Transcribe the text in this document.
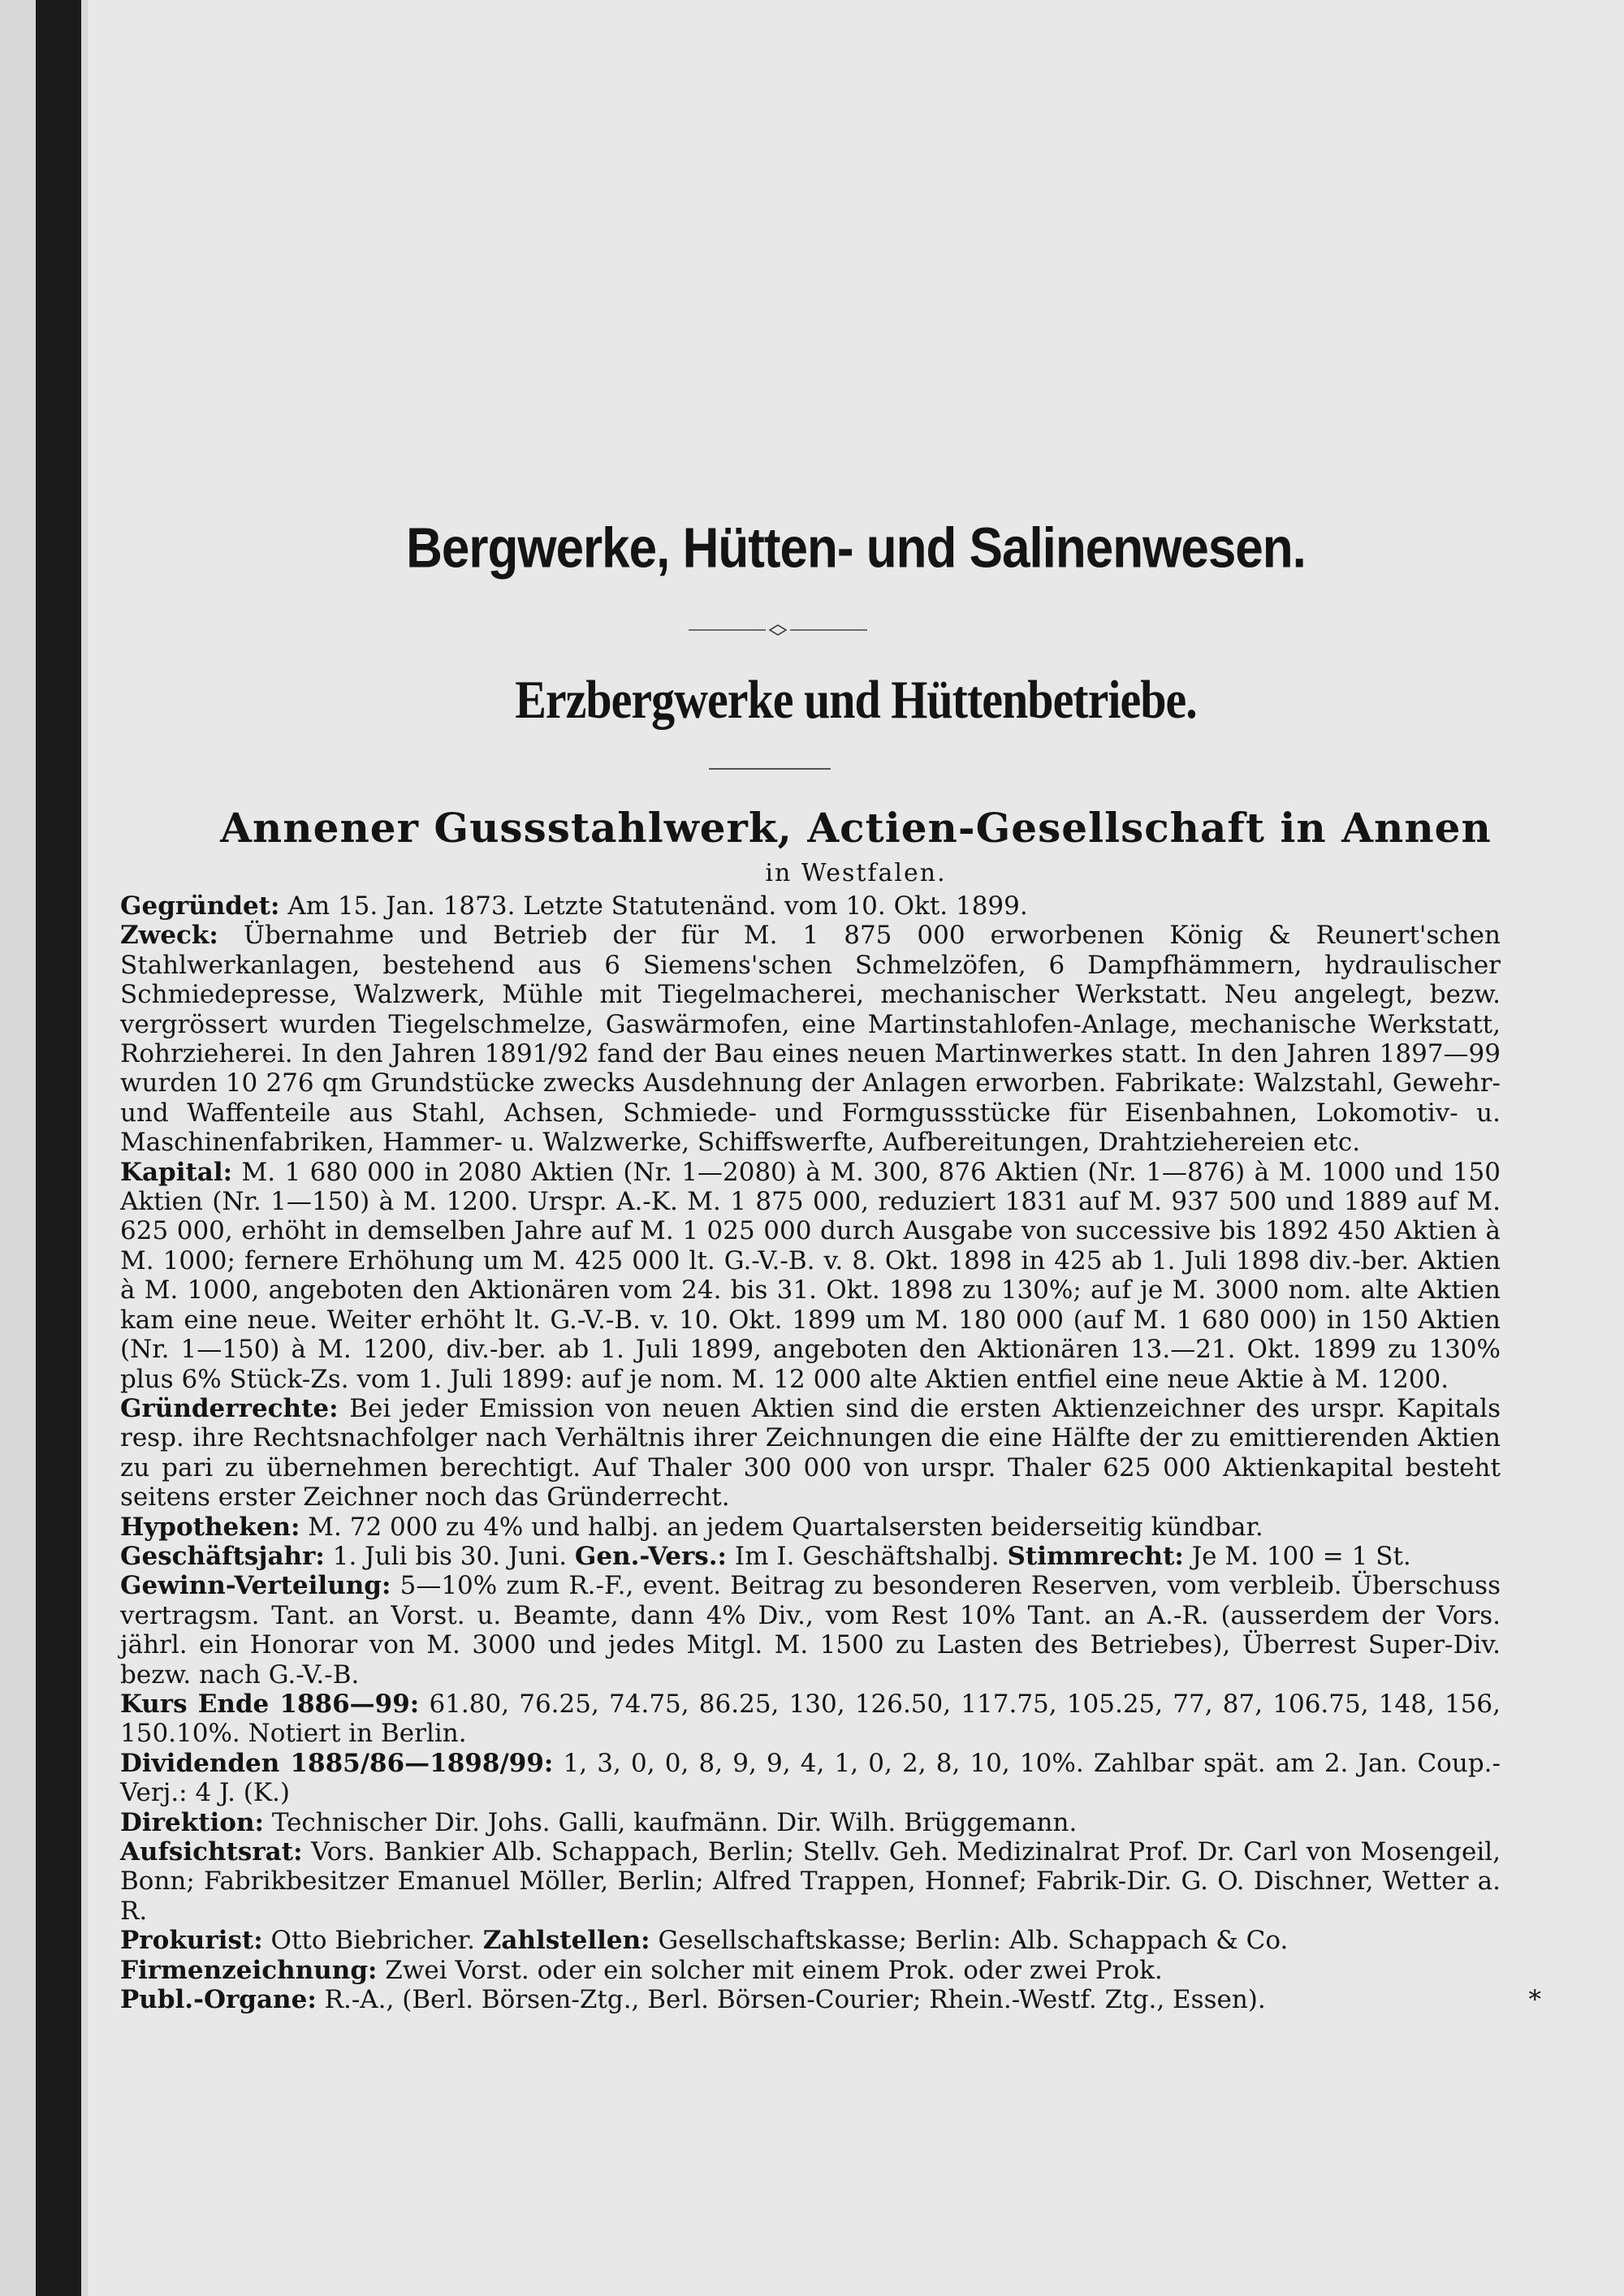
Bergwerke, Hütten- und Salinenwesen.
Erzbergwerke und Hüttenbetriebe.
Annener Gussstahlwerk, Actien-Gesellschaft in Annen
in Westfalen.

Gegründet: Am 15. Jan. 1873. Letzte Statutenänd. vom 10. Okt. 1899.

Zweck: Übernahme und Betrieb der für M. 1 875 000 erworbenen König & Reunert'schen Stahlwerkanlagen, bestehend aus 6 Siemens'schen Schmelzöfen, 6 Dampfhämmern, hydraulischer Schmiedepresse, Walzwerk, Mühle mit Tiegelmacherei, mechanischer Werkstatt. Neu angelegt, bezw. vergrössert wurden Tiegelschmelze, Gaswärmofen, eine Martinstahlofen-Anlage, mechanische Werkstatt, Rohrzieherei. In den Jahren 1891/92 fand der Bau eines neuen Martinwerkes statt. In den Jahren 1897—99 wurden 10 276 qm Grundstücke zwecks Ausdehnung der Anlagen erworben. Fabrikate: Walzstahl, Gewehr- und Waffenteile aus Stahl, Achsen, Schmiede- und Formgussstücke für Eisenbahnen, Lokomotiv- u. Maschinenfabriken, Hammer- u. Walzwerke, Schiffswerfte, Aufbereitungen, Drahtziehereien etc.

Kapital: M. 1 680 000 in 2080 Aktien (Nr. 1—2080) à M. 300, 876 Aktien (Nr. 1—876) à M. 1000 und 150 Aktien (Nr. 1—150) à M. 1200. Urspr. A.-K. M. 1 875 000, reduziert 1831 auf M. 937 500 und 1889 auf M. 625 000, erhöht in demselben Jahre auf M. 1 025 000 durch Ausgabe von successive bis 1892 450 Aktien à M. 1000; fernere Erhöhung um M. 425 000 lt. G.-V.-B. v. 8. Okt. 1898 in 425 ab 1. Juli 1898 div.-ber. Aktien à M. 1000, angeboten den Aktionären vom 24. bis 31. Okt. 1898 zu 130%; auf je M. 3000 nom. alte Aktien kam eine neue. Weiter erhöht lt. G.-V.-B. v. 10. Okt. 1899 um M. 180 000 (auf M. 1 680 000) in 150 Aktien (Nr. 1—150) à M. 1200, div.-ber. ab 1. Juli 1899, angeboten den Aktionären 13.—21. Okt. 1899 zu 130% plus 6% Stück-Zs. vom 1. Juli 1899: auf je nom. M. 12 000 alte Aktien entfiel eine neue Aktie à M. 1200.

Gründerrechte: Bei jeder Emission von neuen Aktien sind die ersten Aktienzeichner des urspr. Kapitals resp. ihre Rechtsnachfolger nach Verhältnis ihrer Zeichnungen die eine Hälfte der zu emittierenden Aktien zu pari zu übernehmen berechtigt. Auf Thaler 300 000 von urspr. Thaler 625 000 Aktienkapital besteht seitens erster Zeichner noch das Gründerrecht.

Hypotheken: M. 72 000 zu 4% und halbj. an jedem Quartalsersten beiderseitig kündbar.

Geschäftsjahr: 1. Juli bis 30. Juni. Gen.-Vers.: Im I. Geschäftshalbj. Stimmrecht: Je M. 100 = 1 St.

Gewinn-Verteilung: 5—10% zum R.-F., event. Beitrag zu besonderen Reserven, vom verbleib. Überschuss vertragsm. Tant. an Vorst. u. Beamte, dann 4% Div., vom Rest 10% Tant. an A.-R. (ausserdem der Vors. jährl. ein Honorar von M. 3000 und jedes Mitgl. M. 1500 zu Lasten des Betriebes), Überrest Super-Div. bezw. nach G.-V.-B.

Kurs Ende 1886—99: 61.80, 76.25, 74.75, 86.25, 130, 126.50, 117.75, 105.25, 77, 87, 106.75, 148, 156, 150.10%. Notiert in Berlin.

Dividenden 1885/86—1898/99: 1, 3, 0, 0, 8, 9, 9, 4, 1, 0, 2, 8, 10, 10%. Zahlbar spät. am 2. Jan. Coup.-Verj.: 4 J. (K.)

Direktion: Technischer Dir. Johs. Galli, kaufmänn. Dir. Wilh. Brüggemann.

Aufsichtsrat: Vors. Bankier Alb. Schappach, Berlin; Stellv. Geh. Medizinalrat Prof. Dr. Carl von Mosengeil, Bonn; Fabrikbesitzer Emanuel Möller, Berlin; Alfred Trappen, Honnef; Fabrik-Dir. G. O. Dischner, Wetter a. R.

Prokurist: Otto Biebricher. Zahlstellen: Gesellschaftskasse; Berlin: Alb. Schappach & Co.

Firmenzeichnung: Zwei Vorst. oder ein solcher mit einem Prok. oder zwei Prok.

Publ.-Organe: R.-A., (Berl. Börsen-Ztg., Berl. Börsen-Courier; Rhein.-Westf. Ztg., Essen).	*
